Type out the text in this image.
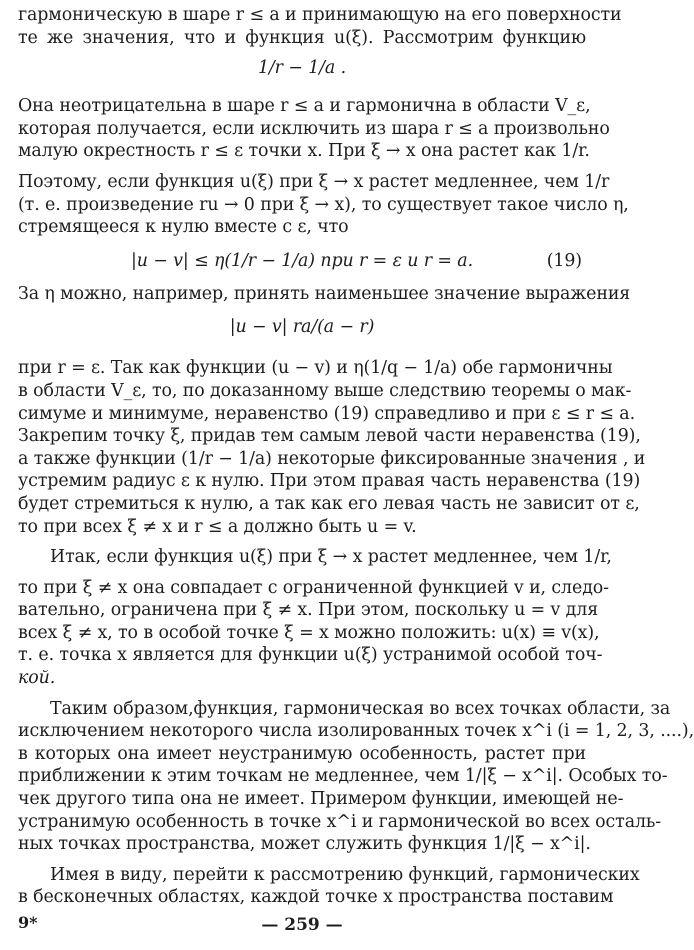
гармоническую в шаре r ≤ a и принимающую на его поверхности
те же значения, что и функция u(ξ). Рассмотрим функцию
1/r − 1/a .
Она неотрицательна в шаре r ≤ a и гармонична в области V_ε,
которая получается, если исключить из шара r ≤ a произвольно
малую окрестность r ≤ ε точки x. При ξ → x она растет как 1/r.
Поэтому, если функция u(ξ) при ξ → x растет медленнее, чем 1/r
(т. е. произведение ru → 0 при ξ → x), то существует такое число η,
стремящееся к нулю вместе с ε, что
|u − v| ≤ η(1/r − 1/a) при r = ε и r = a.	(19)
За η можно, например, принять наименьшее значение выражения
|u − v| ra/(a − r)
при r = ε. Так как функции (u − v) и η(1/q − 1/a) обе гармоничны
в области V_ε, то, по доказанному выше следствию теоремы о мак-
симуме и минимуме, неравенство (19) справедливо и при ε ≤ r ≤ a.
Закрепим точку ξ, придав тем самым левой части неравенства (19),
а также функции (1/r − 1/a) некоторые фиксированные значения , и
устремим радиус ε к нулю. При этом правая часть неравенства (19)
будет стремиться к нулю, а так как его левая часть не зависит от ε,
то при всех ξ ≠ x и r ≤ a должно быть u = v.
Итак, если функция u(ξ) при ξ → x растет медленнее, чем 1/r,
то при ξ ≠ x она совпадает с ограниченной функцией v и, следо-
вательно, ограничена при ξ ≠ x. При этом, поскольку u = v для
всех ξ ≠ x, то в особой точке ξ = x можно положить: u(x) ≡ v(x),
т. е. точка x является для функции u(ξ) устранимой особой точ-
кой.
Таким образом,функция, гармоническая во всех точках области, за
исключением некоторого числа изолированных точек x^i (i = 1, 2, 3, ....),
в которых она имеет неустранимую особенность, растет при
приближении к этим точкам не медленнее, чем 1/|ξ − x^i|. Особых то-
чек другого типа она не имеет. Примером функции, имеющей не-
устранимую особенность в точке x^i и гармонической во всех осталь-
ных точках пространства, может служить функция 1/|ξ − x^i|.
Имея в виду, перейти к рассмотрению функций, гармонических
в бесконечных областях, каждой точке x пространства поставим
9*	— 259 —
